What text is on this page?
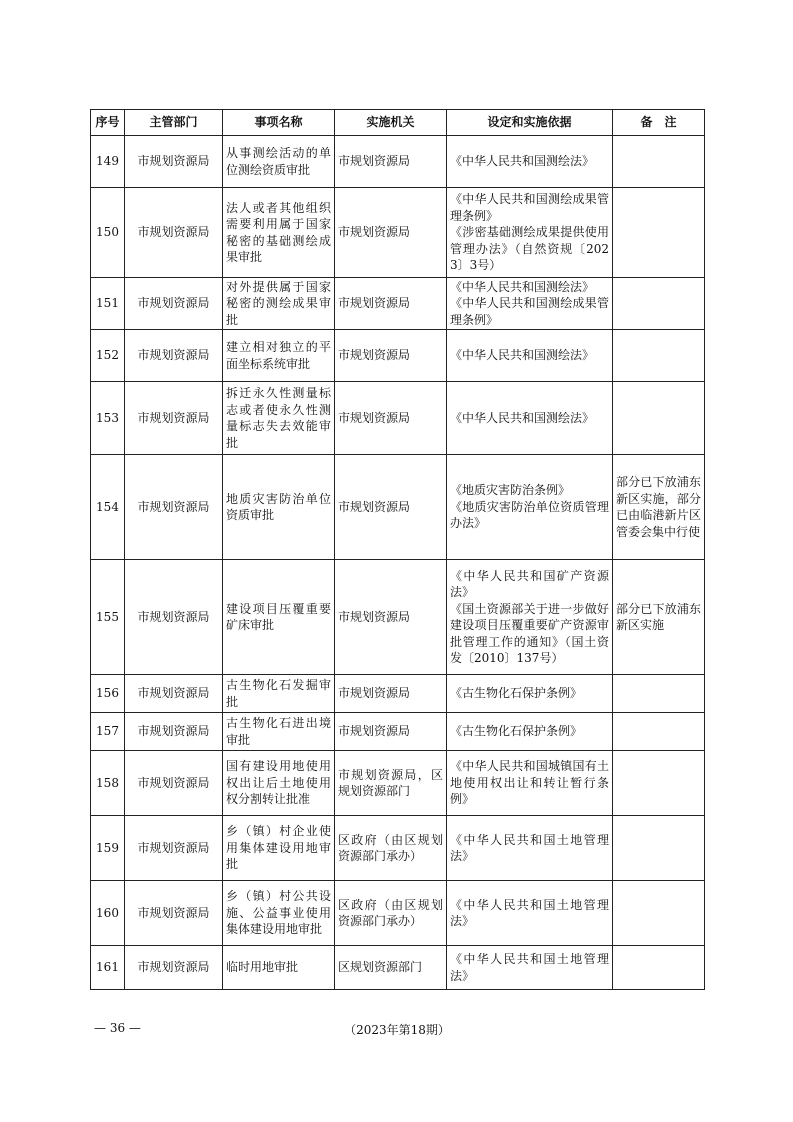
序号	主管部门	事项名称	实施机关	设定和实施依据	备　注
149	市规划资源局	从事测绘活动的单位测绘资质审批	市规划资源局	《中华人民共和国测绘法》	
150	市规划资源局	法人或者其他组织需要利用属于国家秘密的基础测绘成果审批	市规划资源局	《中华人民共和国测绘成果管理条例》
《涉密基础测绘成果提供使用管理办法》（自然资规〔2023〕3号）	
151	市规划资源局	对外提供属于国家秘密的测绘成果审批	市规划资源局	《中华人民共和国测绘法》
《中华人民共和国测绘成果管理条例》	
152	市规划资源局	建立相对独立的平面坐标系统审批	市规划资源局	《中华人民共和国测绘法》	
153	市规划资源局	拆迁永久性测量标志或者使永久性测量标志失去效能审批	市规划资源局	《中华人民共和国测绘法》	
154	市规划资源局	地质灾害防治单位资质审批	市规划资源局	《地质灾害防治条例》
《地质灾害防治单位资质管理办法》	部分已下放浦东新区实施，部分已由临港新片区管委会集中行使
155	市规划资源局	建设项目压覆重要矿床审批	市规划资源局	《中华人民共和国矿产资源法》
《国土资源部关于进一步做好建设项目压覆重要矿产资源审批管理工作的通知》（国土资发〔2010〕137号）	部分已下放浦东新区实施
156	市规划资源局	古生物化石发掘审批	市规划资源局	《古生物化石保护条例》	
157	市规划资源局	古生物化石进出境审批	市规划资源局	《古生物化石保护条例》	
158	市规划资源局	国有建设用地使用权出让后土地使用权分割转让批准	市规划资源局，区规划资源部门	《中华人民共和国城镇国有土地使用权出让和转让暂行条例》	
159	市规划资源局	乡（镇）村企业使用集体建设用地审批	区政府（由区规划资源部门承办）	《中华人民共和国土地管理法》	
160	市规划资源局	乡（镇）村公共设施、公益事业使用集体建设用地审批	区政府（由区规划资源部门承办）	《中华人民共和国土地管理法》	
161	市规划资源局	临时用地审批	区规划资源部门	《中华人民共和国土地管理法》	
— 36 —	（2023年第18期）
